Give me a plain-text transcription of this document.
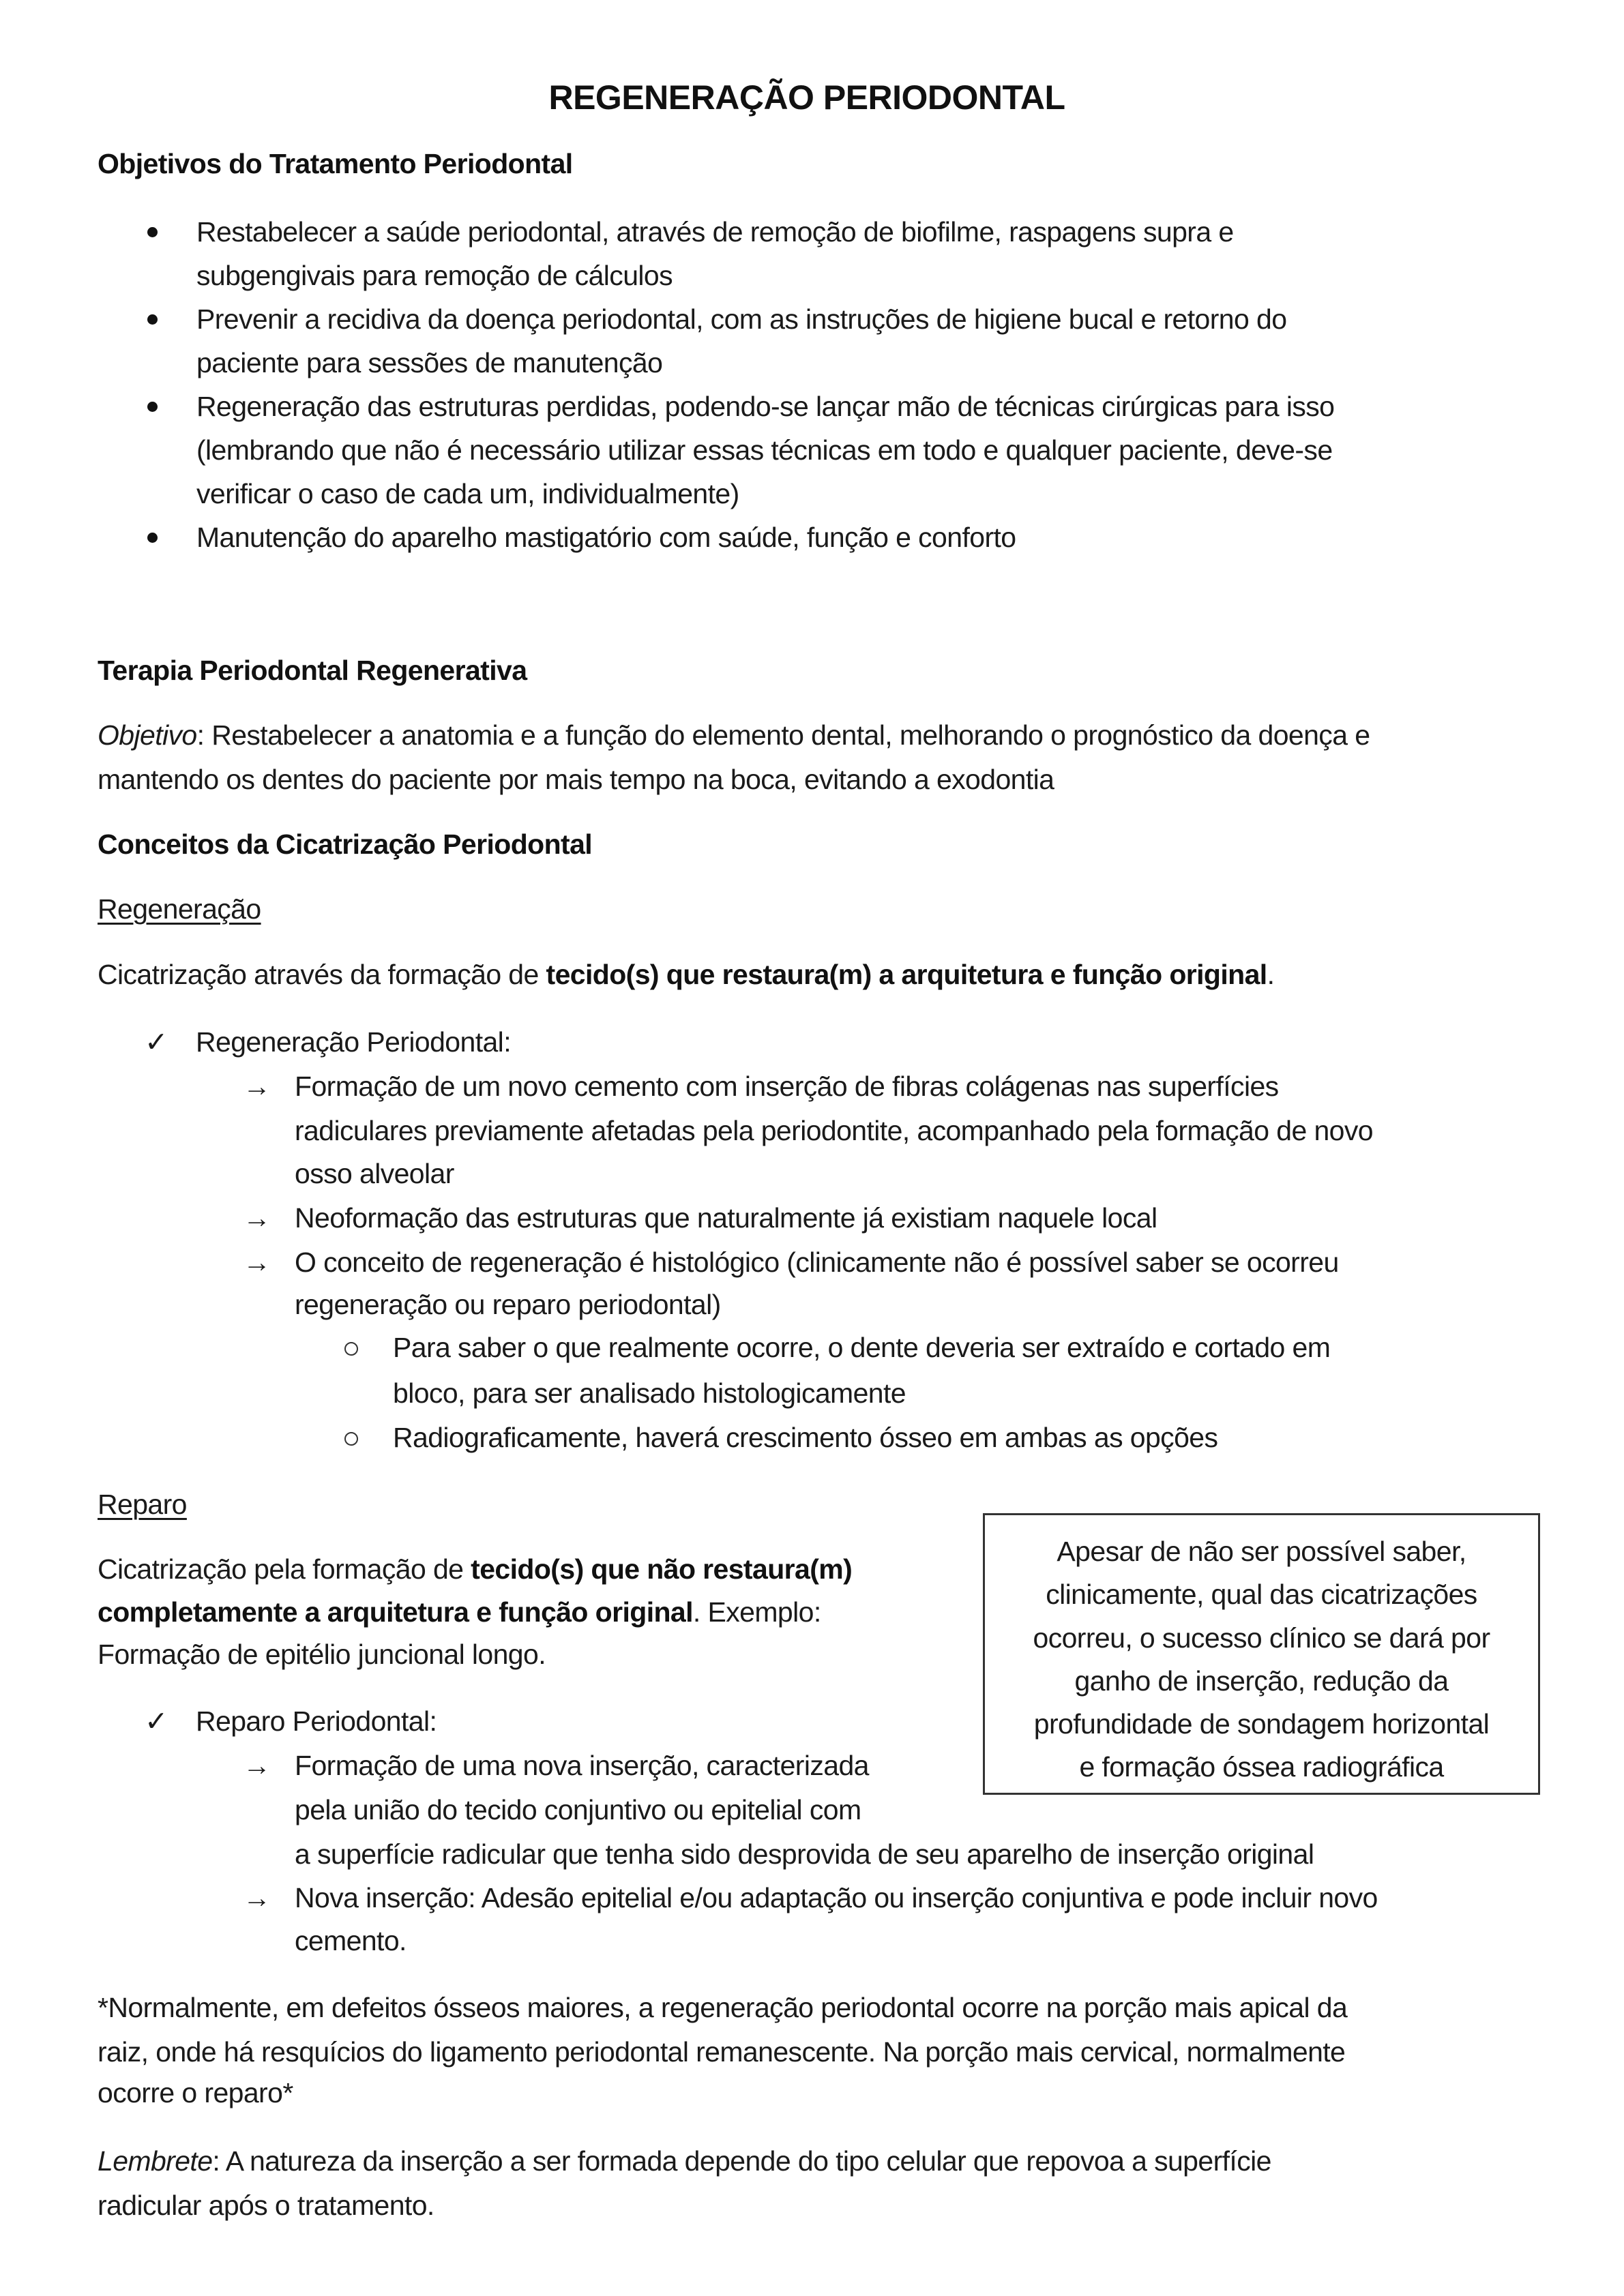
REGENERAÇÃO PERIODONTAL
Objetivos do Tratamento Periodontal
Restabelecer a saúde periodontal, através de remoção de biofilme, raspagens supra e
subgengivais para remoção de cálculos
Prevenir a recidiva da doença periodontal, com as instruções de higiene bucal e retorno do
paciente para sessões de manutenção
Regeneração das estruturas perdidas, podendo-se lançar mão de técnicas cirúrgicas para isso
(lembrando que não é necessário utilizar essas técnicas em todo e qualquer paciente, deve-se
verificar o caso de cada um, individualmente)
Manutenção do aparelho mastigatório com saúde, função e conforto
Terapia Periodontal Regenerativa
Objetivo: Restabelecer a anatomia e a função do elemento dental, melhorando o prognóstico da doença e
mantendo os dentes do paciente por mais tempo na boca, evitando a exodontia
Conceitos da Cicatrização Periodontal
Regeneração
Cicatrização através da formação de tecido(s) que restaura(m) a arquitetura e função original.
✓ Regeneração Periodontal:
→ Formação de um novo cemento com inserção de fibras colágenas nas superfícies
radiculares previamente afetadas pela periodontite, acompanhado pela formação de novo
osso alveolar
→ Neoformação das estruturas que naturalmente já existiam naquele local
→ O conceito de regeneração é histológico (clinicamente não é possível saber se ocorreu
regeneração ou reparo periodontal)
Para saber o que realmente ocorre, o dente deveria ser extraído e cortado em
bloco, para ser analisado histologicamente
Radiograficamente, haverá crescimento ósseo em ambas as opções
Reparo
Cicatrização pela formação de tecido(s) que não restaura(m)
completamente a arquitetura e função original. Exemplo:
Formação de epitélio juncional longo.
✓ Reparo Periodontal:
→ Formação de uma nova inserção, caracterizada
pela união do tecido conjuntivo ou epitelial com
a superfície radicular que tenha sido desprovida de seu aparelho de inserção original
→ Nova inserção: Adesão epitelial e/ou adaptação ou inserção conjuntiva e pode incluir novo
cemento.
Apesar de não ser possível saber,
clinicamente, qual das cicatrizações
ocorreu, o sucesso clínico se dará por
ganho de inserção, redução da
profundidade de sondagem horizontal
e formação óssea radiográfica
*Normalmente, em defeitos ósseos maiores, a regeneração periodontal ocorre na porção mais apical da
raiz, onde há resquícios do ligamento periodontal remanescente. Na porção mais cervical, normalmente
ocorre o reparo*
Lembrete: A natureza da inserção a ser formada depende do tipo celular que repovoa a superfície
radicular após o tratamento.
